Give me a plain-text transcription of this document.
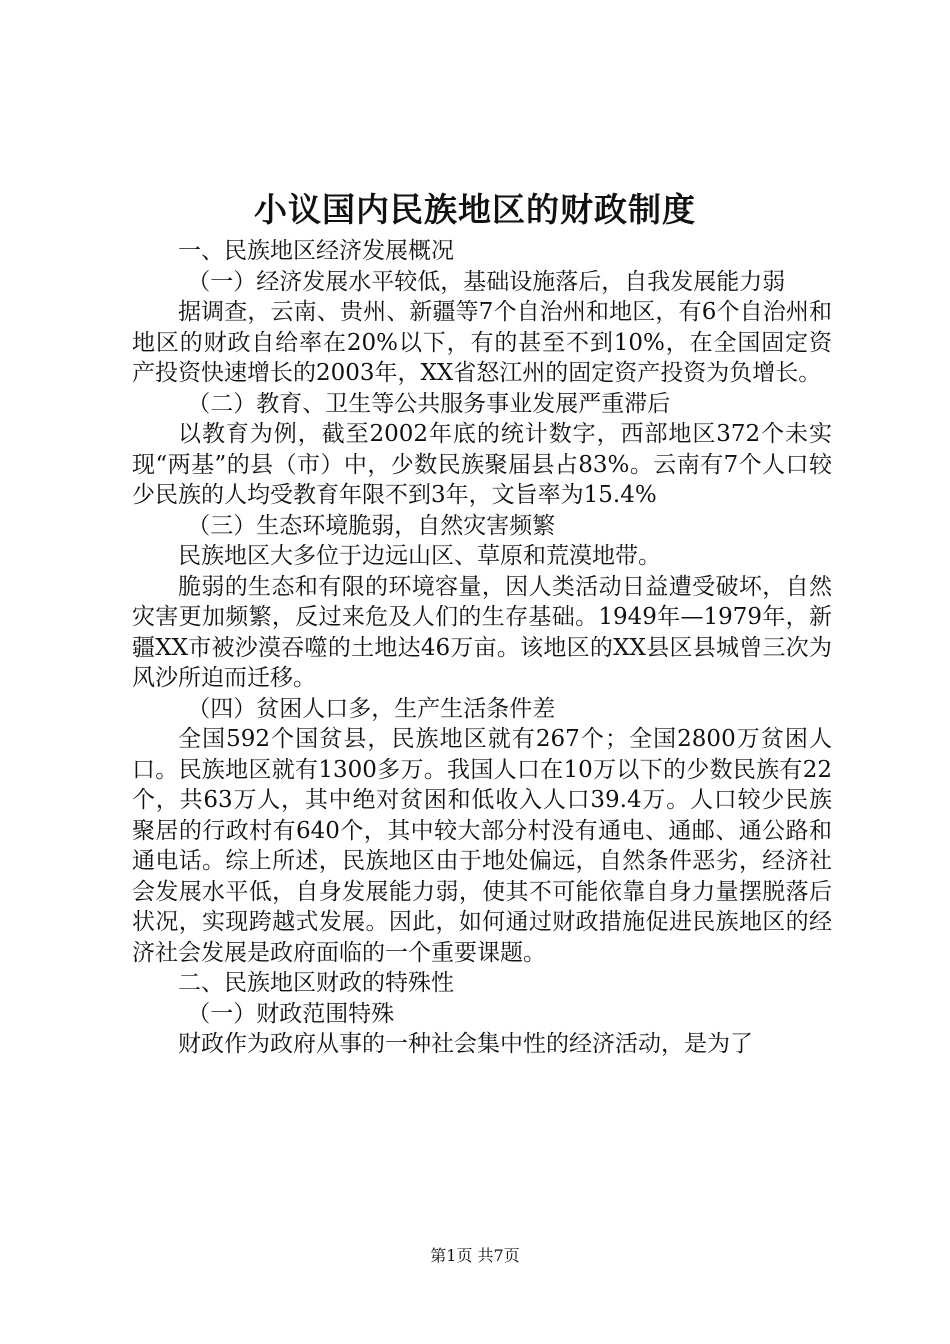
小议国内民族地区的财政制度

一、民族地区经济发展概况

（一）经济发展水平较低，基础设施落后，自我发展能力弱

据调查，云南、贵州、新疆等7个自治州和地区，有6个自治州和地区的财政自给率在20%以下，有的甚至不到10%，在全国固定资产投资快速增长的2003年，XX省怒江州的固定资产投资为负增长。

（二）教育、卫生等公共服务事业发展严重滞后

以教育为例，截至2002年底的统计数字，西部地区372个未实现“两基”的县（市）中，少数民族聚届县占83%。云南有7个人口较少民族的人均受教育年限不到3年，文旨率为15.4%

（三）生态环境脆弱，自然灾害频繁

民族地区大多位于边远山区、草原和荒漠地带。

脆弱的生态和有限的环境容量，因人类活动日益遭受破坏，自然灾害更加频繁，反过来危及人们的生存基础。1949年—1979年，新疆XX市被沙漠吞噬的土地达46万亩。该地区的XX县区县城曾三次为风沙所迫而迁移。

（四）贫困人口多，生产生活条件差

全国592个国贫县，民族地区就有267个；全国2800万贫困人口。民族地区就有1300多万。我国人口在10万以下的少数民族有22个，共63万人，其中绝对贫困和低收入人口39.4万。人口较少民族聚居的行政村有640个，其中较大部分村没有通电、通邮、通公路和通电话。综上所述，民族地区由于地处偏远，自然条件恶劣，经济社会发展水平低，自身发展能力弱，使其不可能依靠自身力量摆脱落后状况，实现跨越式发展。因此，如何通过财政措施促进民族地区的经济社会发展是政府面临的一个重要课题。

二、民族地区财政的特殊性

（一）财政范围特殊

财政作为政府从事的一种社会集中性的经济活动，是为了

第1页 共7页
